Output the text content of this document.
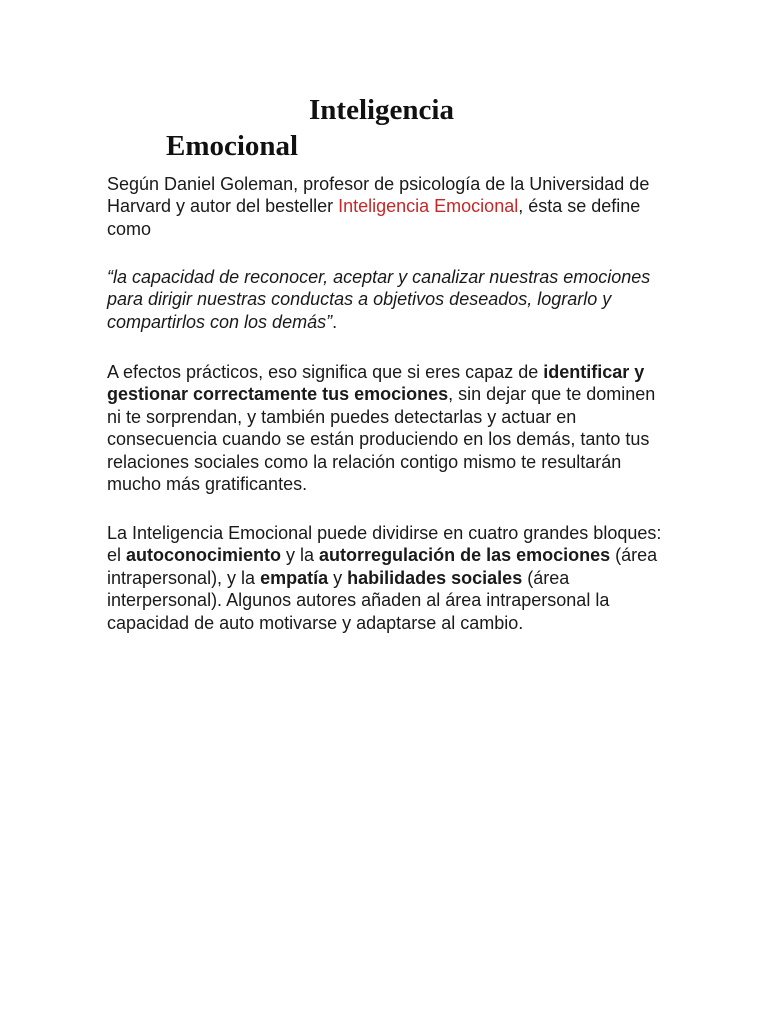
Inteligencia
Emocional

Según Daniel Goleman, profesor de psicología de la Universidad de Harvard y autor del besteller Inteligencia Emocional, ésta se define como

“la capacidad de reconocer, aceptar y canalizar nuestras emociones para dirigir nuestras conductas a objetivos deseados, lograrlo y compartirlos con los demás”.

A efectos prácticos, eso significa que si eres capaz de identificar y gestionar correctamente tus emociones, sin dejar que te dominen ni te sorprendan, y también puedes detectarlas y actuar en consecuencia cuando se están produciendo en los demás, tanto tus relaciones sociales como la relación contigo mismo te resultarán mucho más gratificantes.

La Inteligencia Emocional puede dividirse en cuatro grandes bloques: el autoconocimiento y la autorregulación de las emociones (área intrapersonal), y la empatía y habilidades sociales (área interpersonal). Algunos autores añaden al área intrapersonal la capacidad de auto motivarse y adaptarse al cambio.
